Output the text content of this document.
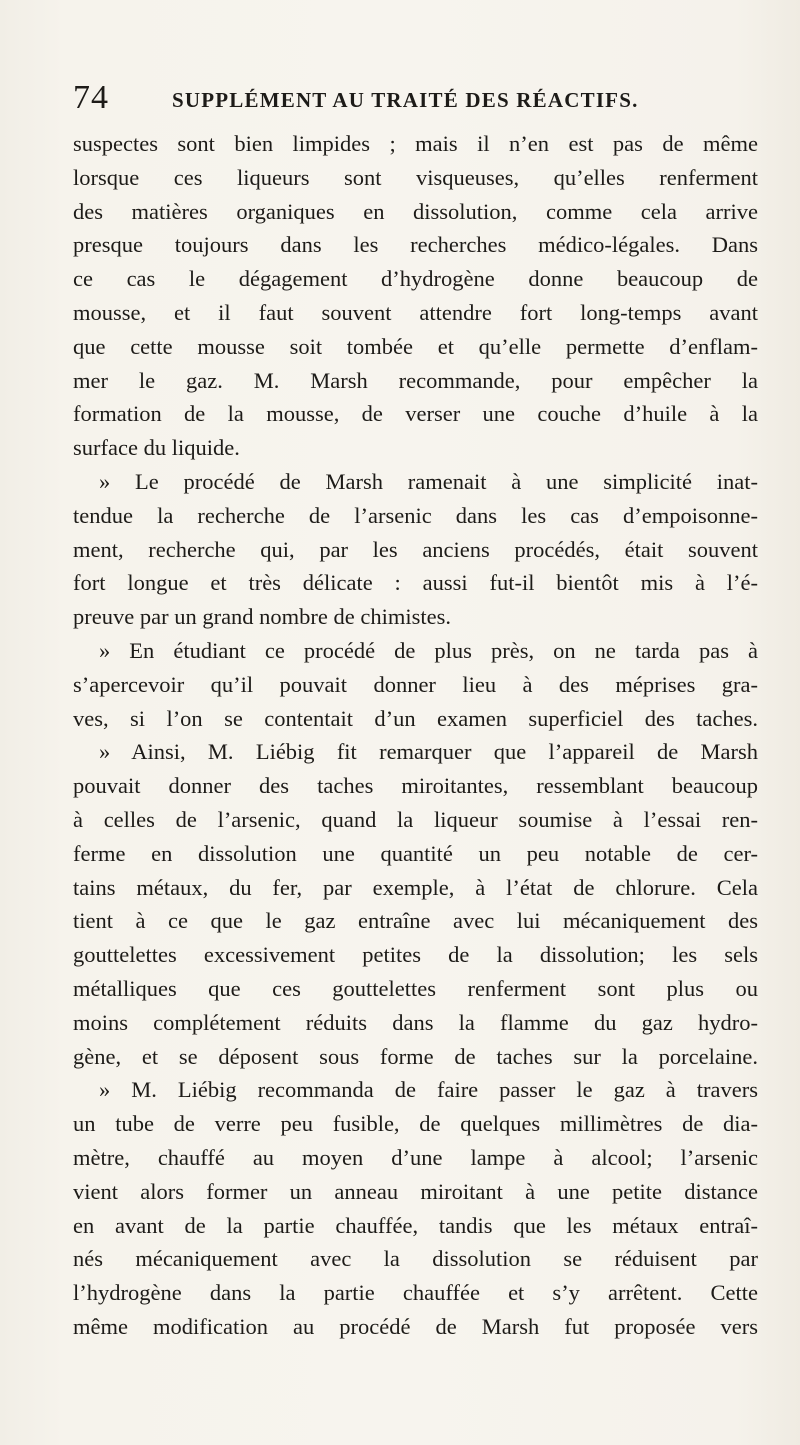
74	SUPPLÉMENT AU TRAITÉ DES RÉACTIFS.
suspectes sont bien limpides ; mais il n’en est pas de même
lorsque ces liqueurs sont visqueuses, qu’elles renferment
des matières organiques en dissolution, comme cela arrive
presque toujours dans les recherches médico-légales. Dans
ce cas le dégagement d’hydrogène donne beaucoup de
mousse, et il faut souvent attendre fort long-temps avant
que cette mousse soit tombée et qu’elle permette d’enflam-
mer le gaz. M. Marsh recommande, pour empêcher la
formation de la mousse, de verser une couche d’huile à la
surface du liquide.
» Le procédé de Marsh ramenait à une simplicité inat-
tendue la recherche de l’arsenic dans les cas d’empoisonne-
ment, recherche qui, par les anciens procédés, était souvent
fort longue et très délicate : aussi fut-il bientôt mis à l’é-
preuve par un grand nombre de chimistes.
» En étudiant ce procédé de plus près, on ne tarda pas à
s’apercevoir qu’il pouvait donner lieu à des méprises gra-
ves, si l’on se contentait d’un examen superficiel des taches.
» Ainsi, M. Liébig fit remarquer que l’appareil de Marsh
pouvait donner des taches miroitantes, ressemblant beaucoup
à celles de l’arsenic, quand la liqueur soumise à l’essai ren-
ferme en dissolution une quantité un peu notable de cer-
tains métaux, du fer, par exemple, à l’état de chlorure. Cela
tient à ce que le gaz entraîne avec lui mécaniquement des
gouttelettes excessivement petites de la dissolution; les sels
métalliques que ces gouttelettes renferment sont plus ou
moins complétement réduits dans la flamme du gaz hydro-
gène, et se déposent sous forme de taches sur la porcelaine.
» M. Liébig recommanda de faire passer le gaz à travers
un tube de verre peu fusible, de quelques millimètres de dia-
mètre, chauffé au moyen d’une lampe à alcool; l’arsenic
vient alors former un anneau miroitant à une petite distance
en avant de la partie chauffée, tandis que les métaux entraî-
nés mécaniquement avec la dissolution se réduisent par
l’hydrogène dans la partie chauffée et s’y arrêtent. Cette
même modification au procédé de Marsh fut proposée vers
